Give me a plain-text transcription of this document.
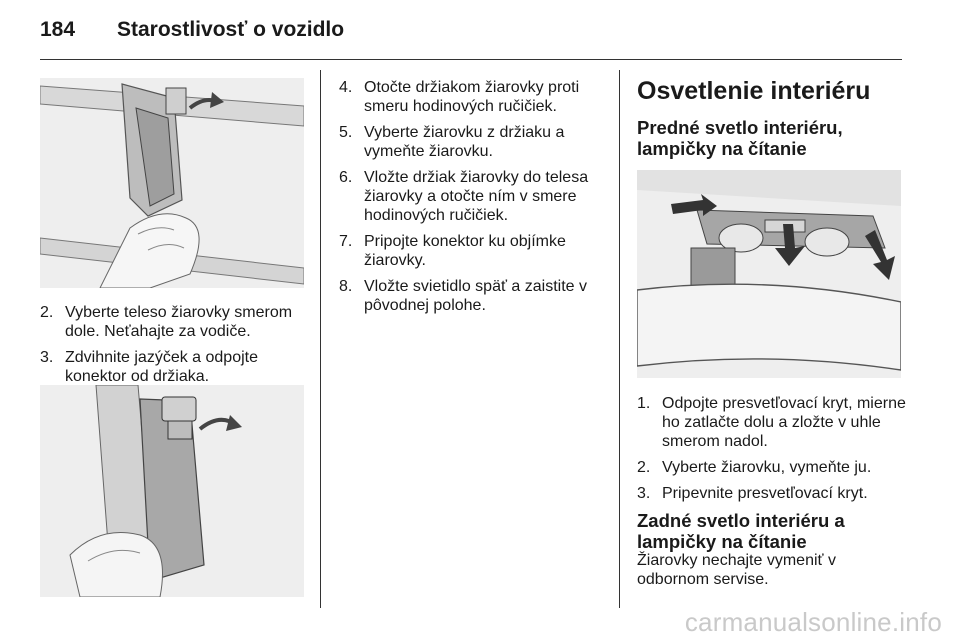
184 Starostlivosť o vozidlo
2. Vyberte teleso žiarovky smerom dole. Neťahajte za vodiče.
3. Zdvihnite jazýček a odpojte konektor od držiaka.
4. Otočte držiakom žiarovky proti smeru hodinových ručičiek.
5. Vyberte žiarovku z držiaku a vymeňte žiarovku.
6. Vložte držiak žiarovky do telesa žiarovky a otočte ním v smere hodinových ručičiek.
7. Pripojte konektor ku objímke žiarovky.
8. Vložte svietidlo späť a zaistite v pôvodnej polohe.
Osvetlenie interiéru
Predné svetlo interiéru,
lampičky na čítanie
1. Odpojte presvetľovací kryt, mierne ho zatlačte dolu a zložte v uhle smerom nadol.
2. Vyberte žiarovku, vymeňte ju.
3. Pripevnite presvetľovací kryt.
Zadné svetlo interiéru a
lampičky na čítanie
Žiarovky nechajte vymeniť v odbornom servise.
carmanualsonline.info
